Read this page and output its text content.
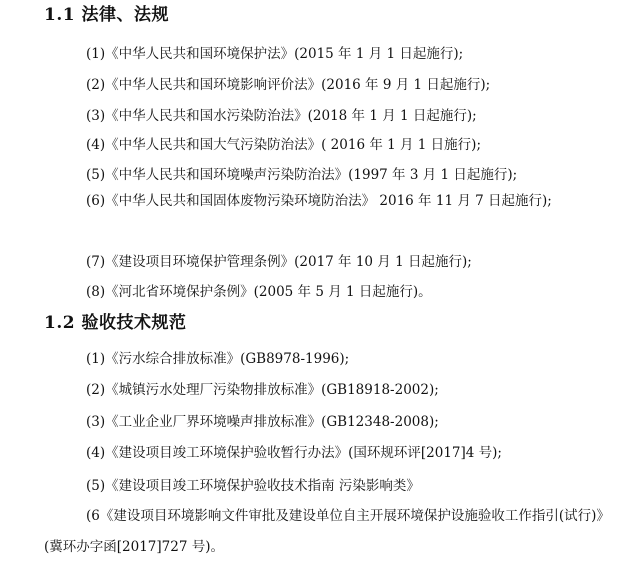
1.1 法律、法规
(1)《中华人民共和国环境保护法》(2015 年 1 月 1 日起施行);
(2)《中华人民共和国环境影响评价法》(2016 年 9 月 1 日起施行);
(3)《中华人民共和国水污染防治法》(2018 年 1 月 1 日起施行);
(4)《中华人民共和国大气污染防治法》( 2016 年 1 月 1 日施行);
(5)《中华人民共和国环境噪声污染防治法》(1997 年 3 月 1 日起施行);
(6)《中华人民共和国固体废物污染环境防治法》 2016 年 11 月 7 日起施行);
(7)《建设项目环境保护管理条例》(2017 年 10 月 1 日起施行);
(8)《河北省环境保护条例》(2005 年 5 月 1 日起施行)。
1.2 验收技术规范
(1)《污水综合排放标准》(GB8978-1996);
(2)《城镇污水处理厂污染物排放标准》(GB18918-2002);
(3)《工业企业厂界环境噪声排放标准》(GB12348-2008);
(4)《建设项目竣工环境保护验收暂行办法》(国环规环评[2017]4 号);
(5)《建设项目竣工环境保护验收技术指南 污染影响类》
(6《建设项目环境影响文件审批及建设单位自主开展环境保护设施验收工作指引(试行)》(冀环办字函[2017]727 号)。
